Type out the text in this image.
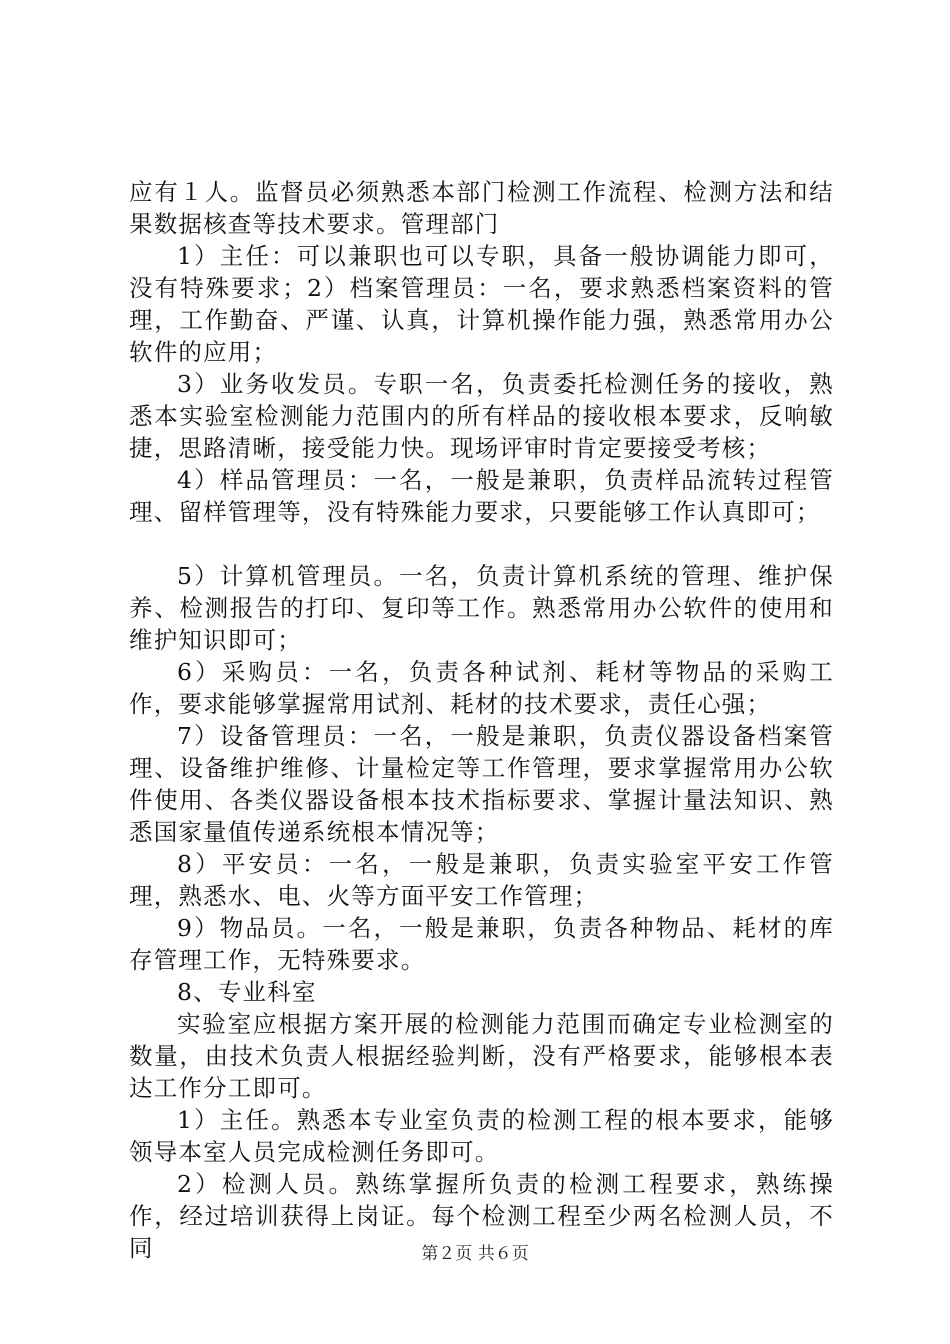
应有１人。监督员必须熟悉本部门检测工作流程、检测方法和结果数据核查等技术要求。管理部门

1）主任：可以兼职也可以专职，具备一般协调能力即可，没有特殊要求；2）档案管理员：一名，要求熟悉档案资料的管理，工作勤奋、严谨、认真，计算机操作能力强，熟悉常用办公软件的应用；

3）业务收发员。专职一名，负责委托检测任务的接收，熟悉本实验室检测能力范围内的所有样品的接收根本要求，反响敏捷，思路清晰，接受能力快。现场评审时肯定要接受考核；

4）样品管理员：一名，一般是兼职，负责样品流转过程管理、留样管理等，没有特殊能力要求，只要能够工作认真即可；

5）计算机管理员。一名，负责计算机系统的管理、维护保养、检测报告的打印、复印等工作。熟悉常用办公软件的使用和维护知识即可；

6）采购员：一名，负责各种试剂、耗材等物品的采购工作，要求能够掌握常用试剂、耗材的技术要求，责任心强；

7）设备管理员：一名，一般是兼职，负责仪器设备档案管理、设备维护维修、计量检定等工作管理，要求掌握常用办公软件使用、各类仪器设备根本技术指标要求、掌握计量法知识、熟悉国家量值传递系统根本情况等；

8）平安员：一名，一般是兼职，负责实验室平安工作管理，熟悉水、电、火等方面平安工作管理；

9）物品员。一名，一般是兼职，负责各种物品、耗材的库存管理工作，无特殊要求。

8、专业科室

实验室应根据方案开展的检测能力范围而确定专业检测室的数量，由技术负责人根据经验判断，没有严格要求，能够根本表达工作分工即可。

1）主任。熟悉本专业室负责的检测工程的根本要求，能够领导本室人员完成检测任务即可。

2）检测人员。熟练掌握所负责的检测工程要求，熟练操作，经过培训获得上岗证。每个检测工程至少两名检测人员，不同	第２页 共６页
